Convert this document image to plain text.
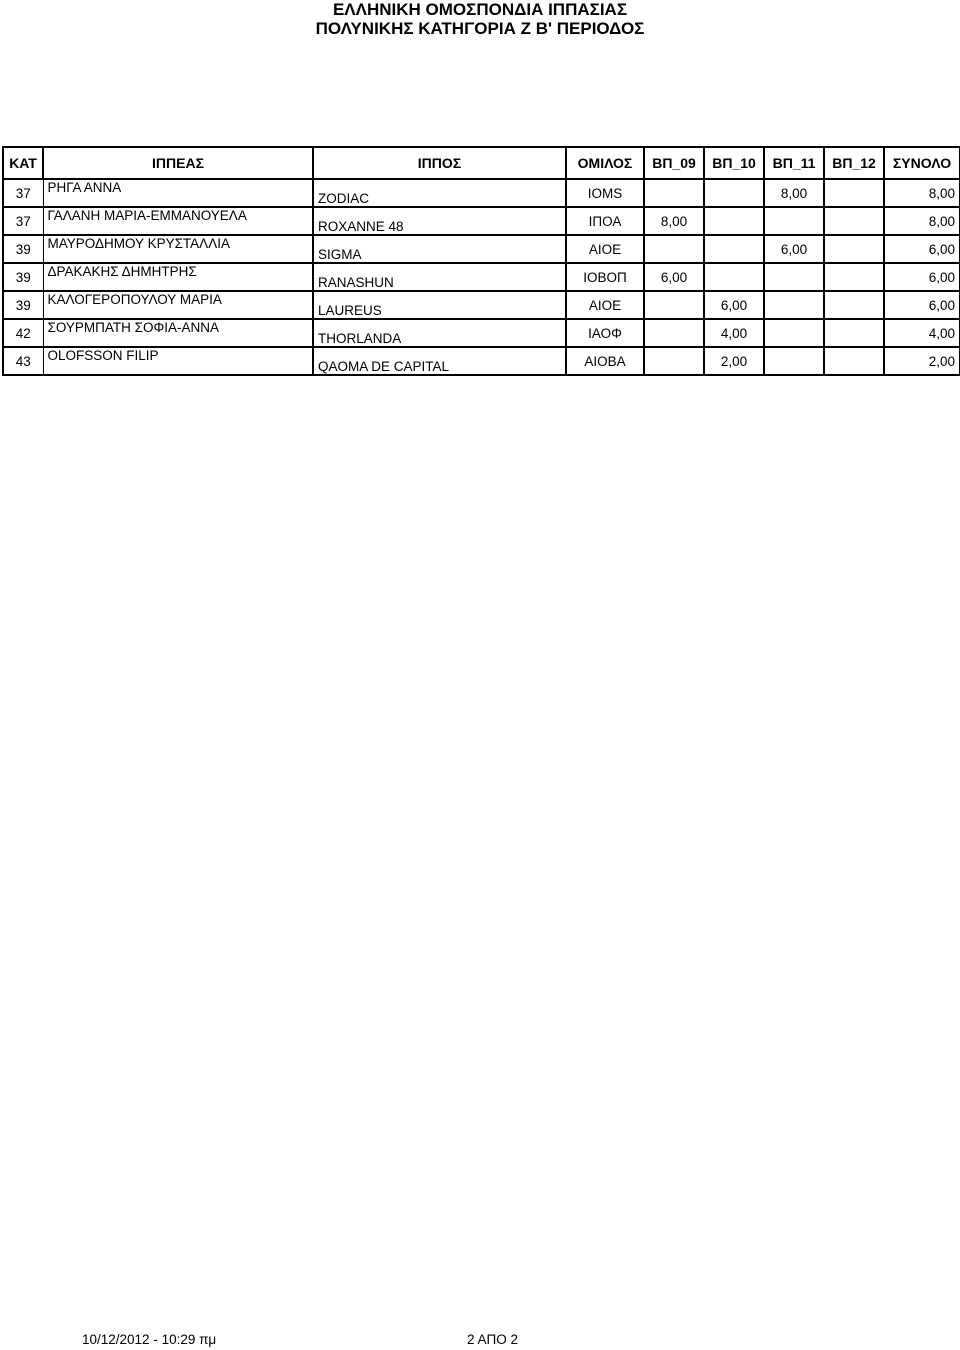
ΕΛΛΗΝΙΚΗ ΟΜΟΣΠΟΝΔΙΑ ΙΠΠΑΣΙΑΣ
ΠΟΛΥΝΙΚΗΣ ΚΑΤΗΓΟΡΙΑ Ζ Β' ΠΕΡΙΟΔΟΣ
ΚΑΤ	ΙΠΠΕΑΣ	ΙΠΠΟΣ	ΟΜΙΛΟΣ	ΒΠ_09	ΒΠ_10	ΒΠ_11	ΒΠ_12	ΣΥΝΟΛΟ
37	ΡΗΓΑ ΑΝΝΑ	ZODIAC	IOMS			8,00		8,00
37	ΓΑΛΑΝΗ ΜΑΡΙΑ-ΕΜΜΑΝΟΥΕΛΑ	ROXANNE 48	ΙΠΟΑ	8,00				8,00
39	ΜΑΥΡΟΔΗΜΟΥ ΚΡΥΣΤΑΛΛΙΑ	SIGMA	ΑΙΟΕ			6,00		6,00
39	ΔΡΑΚΑΚΗΣ ΔΗΜΗΤΡΗΣ	RANASHUN	ΙΟΒΟΠ	6,00				6,00
39	ΚΑΛΟΓΕΡΟΠΟΥΛΟΥ ΜΑΡΙΑ	LAUREUS	ΑΙΟΕ		6,00			6,00
42	ΣΟΥΡΜΠΑΤΗ ΣΟΦΙΑ-ΑΝΝΑ	THORLANDA	ΙΑΟΦ		4,00			4,00
43	OLOFSSON FILIP	QAOMA DE CAPITAL	ΑΙΟΒΑ		2,00			2,00
10/12/2012 - 10:29 πμ	2 ΑΠΟ 2
